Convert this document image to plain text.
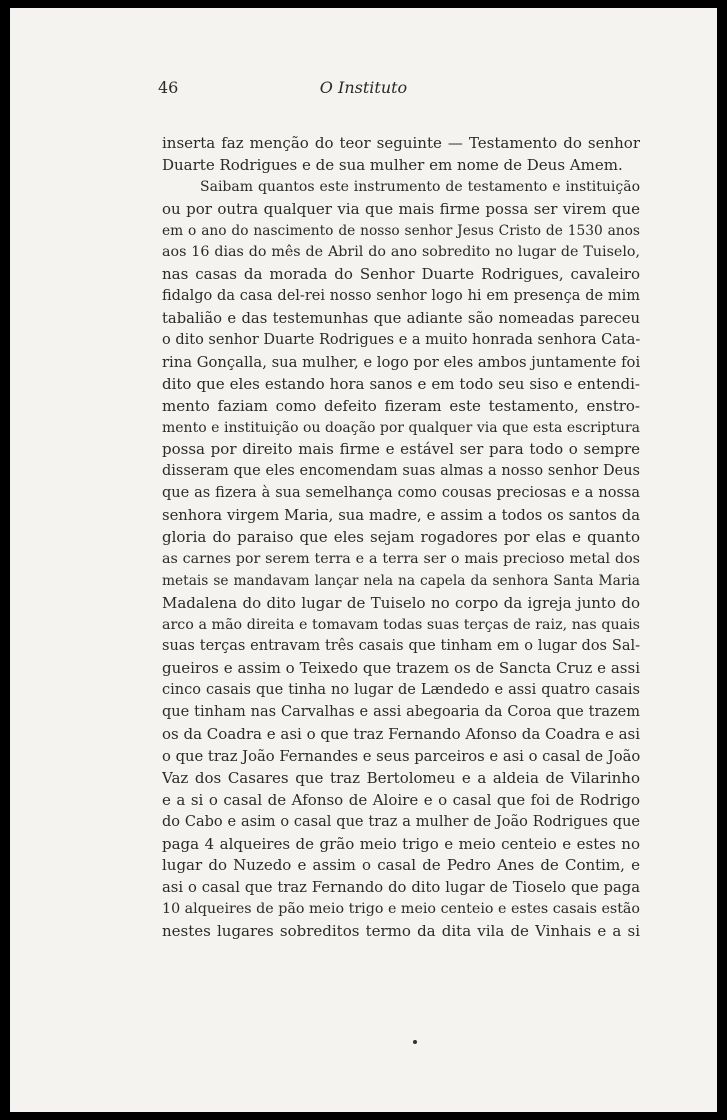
46	O Instituto
inserta faz menção do teor seguinte — Testamento do senhor
Duarte Rodrigues e de sua mulher em nome de Deus Amem.
Saibam quantos este instrumento de testamento e instituição
ou por outra qualquer via que mais firme possa ser virem que
em o ano do nascimento de nosso senhor Jesus Cristo de 1530 anos
aos 16 dias do mês de Abril do ano sobredito no lugar de Tuiselo,
nas casas da morada do Senhor Duarte Rodrigues, cavaleiro
fidalgo da casa del-rei nosso senhor logo hi em presença de mim
tabalião e das testemunhas que adiante são nomeadas pareceu
o dito senhor Duarte Rodrigues e a muito honrada senhora Cata-
rina Gonçalla, sua mulher, e logo por eles ambos juntamente foi
dito que eles estando hora sanos e em todo seu siso e entendi-
mento faziam como defeito fizeram este testamento, enstro-
mento e instituição ou doação por qualquer via que esta escriptura
possa por direito mais firme e estável ser para todo o sempre
disseram que eles encomendam suas almas a nosso senhor Deus
que as fizera à sua semelhança como cousas preciosas e a nossa
senhora virgem Maria, sua madre, e assim a todos os santos da
gloria do paraiso que eles sejam rogadores por elas e quanto
as carnes por serem terra e a terra ser o mais precioso metal dos
metais se mandavam lançar nela na capela da senhora Santa Maria
Madalena do dito lugar de Tuiselo no corpo da igreja junto do
arco a mão direita e tomavam todas suas terças de raiz, nas quais
suas terças entravam três casais que tinham em o lugar dos Sal-
gueiros e assim o Teixedo que trazem os de Sancta Cruz e assi
cinco casais que tinha no lugar de Lændedo e assi quatro casais
que tinham nas Carvalhas e assi abegoaria da Coroa que trazem
os da Coadra e asi o que traz Fernando Afonso da Coadra e asi
o que traz João Fernandes e seus parceiros e asi o casal de João
Vaz dos Casares que traz Bertolomeu e a aldeia de Vilarinho
e a si o casal de Afonso de Aloire e o casal que foi de Rodrigo
do Cabo e asim o casal que traz a mulher de João Rodrigues que
paga 4 alqueires de grão meio trigo e meio centeio e estes no
lugar do Nuzedo e assim o casal de Pedro Anes de Contim, e
asi o casal que traz Fernando do dito lugar de Tioselo que paga
10 alqueires de pão meio trigo e meio centeio e estes casais estão
nestes lugares sobreditos termo da dita vila de Vinhais e a si
